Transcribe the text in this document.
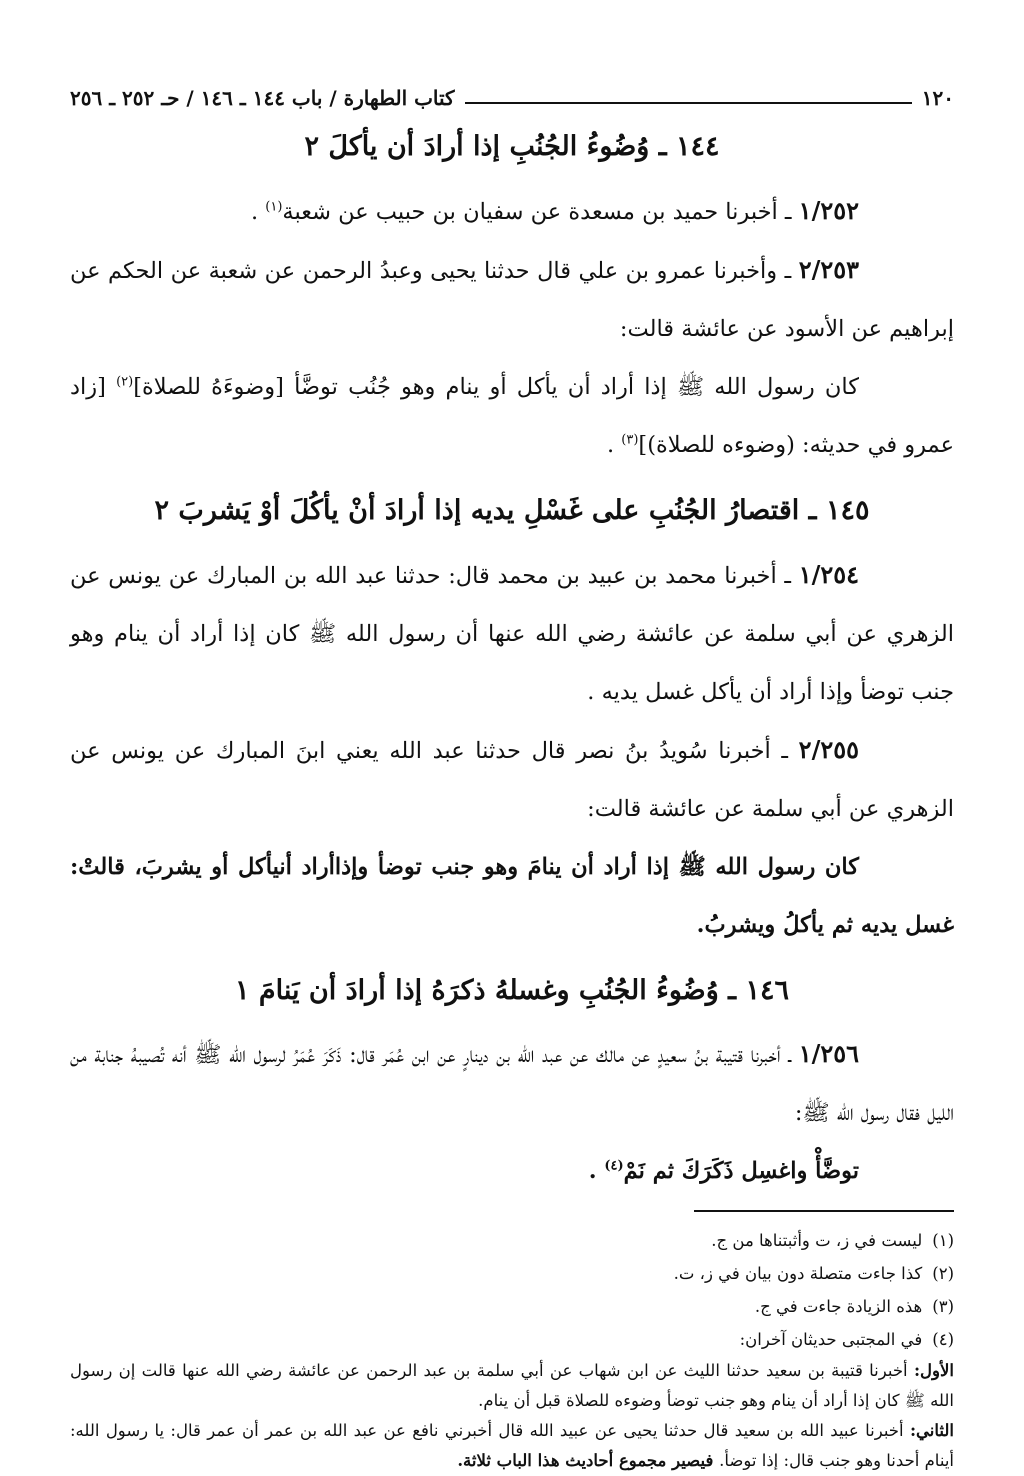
١٢٠
كتاب الطهارة / باب ١٤٤ ـ ١٤٦ / حـ ٢٥٢ ـ ٢٥٦
١٤٤ ـ وُضُوءُ الجُنُبِ إذا أرادَ أن يأكلَ ٢

١/٢٥٢ ـ أخبرنا حميد بن مسعدة عن سفيان بن حبيب عن شعبة$^{(١)}$ .

٢/٢٥٣ ـ وأخبرنا عمرو بن علي قال حدثنا يحيى وعبدُ الرحمن عن شعبة عن الحكم عن إبراهيم عن الأسود عن عائشة قالت:

كان رسول الله ﷺ إذا أراد أن يأكل أو ينام وهو جُنُب توضَّأ [وضوءَهُ للصلاة]$^{(٢)}$ [زاد عمرو في حديثه: (وضوءه للصلاة)]$^{(٣)}$ .

١٤٥ ـ اقتصارُ الجُنُبِ على غَسْلِ يديه إذا أرادَ أنْ يأكُلَ أوْ يَشربَ ٢

١/٢٥٤ ـ أخبرنا محمد بن عبيد بن محمد قال: حدثنا عبد الله بن المبارك عن يونس عن الزهري عن أبي سلمة عن عائشة رضي الله عنها أن رسول الله ﷺ كان إذا أراد أن ينام وهو جنب توضأ وإذا أراد أن يأكل غسل يديه .

٢/٢٥٥ ـ أخبرنا سُويدُ بنُ نصر قال حدثنا عبد الله يعني ابنَ المبارك عن يونس عن الزهري عن أبي سلمة عن عائشة قالت:

كان رسول الله ﷺ إذا أراد أن ينامَ وهو جنب توضأ وإذاأراد أنيأكل أو يشربَ، قالتْ: غسل يديه ثم يأكلُ ويشربُ.

١٤٦ ـ وُضُوءُ الجُنُبِ وغسلهُ ذكرَهُ إذا أرادَ أن يَنامَ ١

١/٢٥٦ ـ أخبرنا قتيبة بنُ سعيدٍ عن مالك عن عبد الله بن دينارٍ عن ابن عُمَر قال: ذَكَرَ عُمَرُ لرسول الله ﷺ أنه تُصيبهُ جنابة من الليل فقال رسول الله ﷺ:

توضَّأْ واغسِل ذَكَرَكَ ثم نَمْ$^{(٤)}$ .

(١)ليست في ز، ت وأثبتناها من ج.

(٢)كذا جاءت متصلة دون بيان في ز، ت.

(٣)هذه الزيادة جاءت في ج.

(٤)في المجتبى حديثان آخران:

الأول: أخبرنا قتيبة بن سعيد حدثنا الليث عن ابن شهاب عن أبي سلمة بن عبد الرحمن عن عائشة رضي الله عنها قالت إن رسول الله ﷺ كان إذا أراد أن ينام وهو جنب توضأ وضوءه للصلاة قبل أن ينام.

الثاني: أخبرنا عبيد الله بن سعيد قال حدثنا يحيى عن عبيد الله قال أخبرني نافع عن عبد الله بن عمر أن عمر قال: يا رسول الله: أينام أحدنا وهو جنب قال: إذا توضأ. فيصير مجموع أحاديث هذا الباب ثلاثة.
